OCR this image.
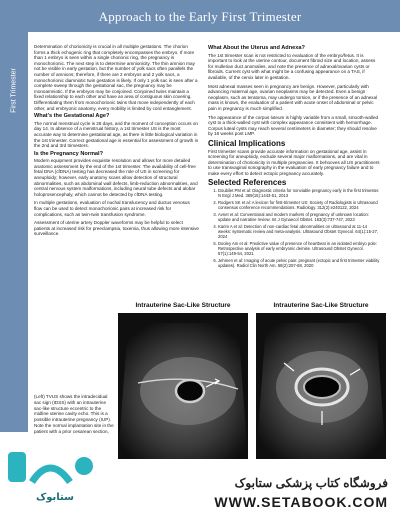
Approach to the Early First Trimester
First Trimester

Determination of chorionicity is crucial in all multiple gestations. The chorion forms a thick echogenic ring that completely encompasses the embryo. If more than 1 embryo is seen within a single chorionic ring, the pregnancy is monochorionic. The next step is to determine amnionicity. The thin amnion may not be visible in early gestation, but the number of yolk sacs often parallels the number of amnions; therefore, if there are 2 embryos and 2 yolk sacs, a monochorionic diamniotic twin gestation is likely. If only 1 yolk sac is seen after a complete sweep through the gestational sac, the pregnancy may be monoamniotic. If the embryos may be conjoined. Conjoined twins maintain a fixed relationship to each other and have an area of contiguous skin covering. Differentiating them from monochorionic twins that move independently of each other, and embryonic anatomy, every mobility is limited by cord entanglement.

What's the Gestational Age?

The normal menstrual cycle is 28 days, and the moment of conception occurs on day 14. In absence of a menstrual history, a 1st trimester US is the most accurate way to determine gestational age, as there is little biological variation in the 1st trimester. Correct gestational age is essential for assessment of growth in the 2nd and 3rd trimesters.

Is the Pregnancy Normal?

Modern equipment provides exquisite resolution and allows for more detailed anatomic assessment by the end of the 1st trimester. The availability of cell-free fetal DNA (cfDNA) testing has decreased the role of US in screening for aneuploidy; however, early anatomy scans allow detection of structural abnormalities, such as abdominal wall defects, limb-reduction abnormalities, and central nervous system malformations, including neural tube defects and alobar holoprosencephaly, which cannot be detected by cfDNA testing.

In multiple gestations, evaluation of nuchal translucency and ductus venosus flow can be used to detect monochorionic pairs at increased risk for complications, such as twin-twin transfusion syndrome.

Assessment of uterine artery Doppler waveforms may be helpful to select patients at increased risk for preeclampsia, toxemia, thus allowing more intensive surveillance.

What About the Uterus and Adnexa?

The 1st trimester scan is not restricted to evaluation of the embryo/fetus. It is important to look at the uterine contour, document fibroid size and location, assess for mullerian duct anomalies, and note the presence of adnexal/ovarian cysts or fibroids. Current cyst with what might be a confusing appearance on a TAS, if available, of the cervix later in gestation.

Most adnexal masses seen in pregnancy are benign. However, particularly with advancing maternal age, ovarian neoplasms may be detected. Even a benign neoplasm, such as teratoma, may undergo torsion, or if the presence of an adnexal mass is known, the evaluation of a patient with acute onset of abdominal or pelvic pain in pregnancy is much simplified.

The appearance of the corpus luteum is highly variable from a small, smooth-walled cyst to a thick-walled cyst with complex appearance consistent with hemorrhage. Corpus luteal cysts may reach several centimeters in diameter; they should resolve by 16 weeks post LMP.

Clinical Implications

First trimester scans provide accurate information on gestational age, assist in screening for aneuploidy, exclude several major malformations, and are vital in determination of chorionicity in multiple pregnancies. It behooves all US practitioners to use transvaginal sonography in the evaluation of early pregnancy failure and to make every effort to detect ectopic pregnancy accurately.

Selected References
1. Doubilet PM et al: Diagnostic criteria for nonviable pregnancy early in the first trimester. N Engl J Med. 369(15):1443-51, 2013
2. Rodgers SK et al: A lexicon for first-trimester US: Society of Radiologists in Ultrasound consensus conference recommendations. Radiology. 312(2):e240122, 2024
3. Avnet et al: Conventional and modern markers of pregnancy of unknown location: update and narrative review. Int J Gynaecol Obstet. 163(3):737-747, 2023
4. Karim A et al: Detection of non-cardiac fetal abnormalities on ultrasound at 11-14 weeks: systematic review and meta-analysis. Ultrasound Obstet Gynecol. 64(1):15-27, 2024
5. Dooley Am et al: Predictive value of presence of heartbeat in an isolated embryo pole: Retrospective analysis of early embryonic demise. Ultrasound Obstet Gynecol. 57(1):149-54, 2021
6. Jehmen et al: Imaging of acute pelvic pain: pregnant (ectopic and first trimester viability updates). Radiol Clin North Am. 58(2):257-68, 2020
Intrauterine Sac-Like Structure	Intrauterine Sac-Like Structure
(Left) TVUS shows the intradecidual sac sign (IDSS) with an intrauterine sac-like structure eccentric to the midline uterine cavity echo. This is a possible intrauterine pregnancy (IUP). Note the normal implantation site in the patient with a prior cesarean section,
ستابوک
فروشگاه کتاب پزشکی ستابوک
WWW.SETABOOK.COM
